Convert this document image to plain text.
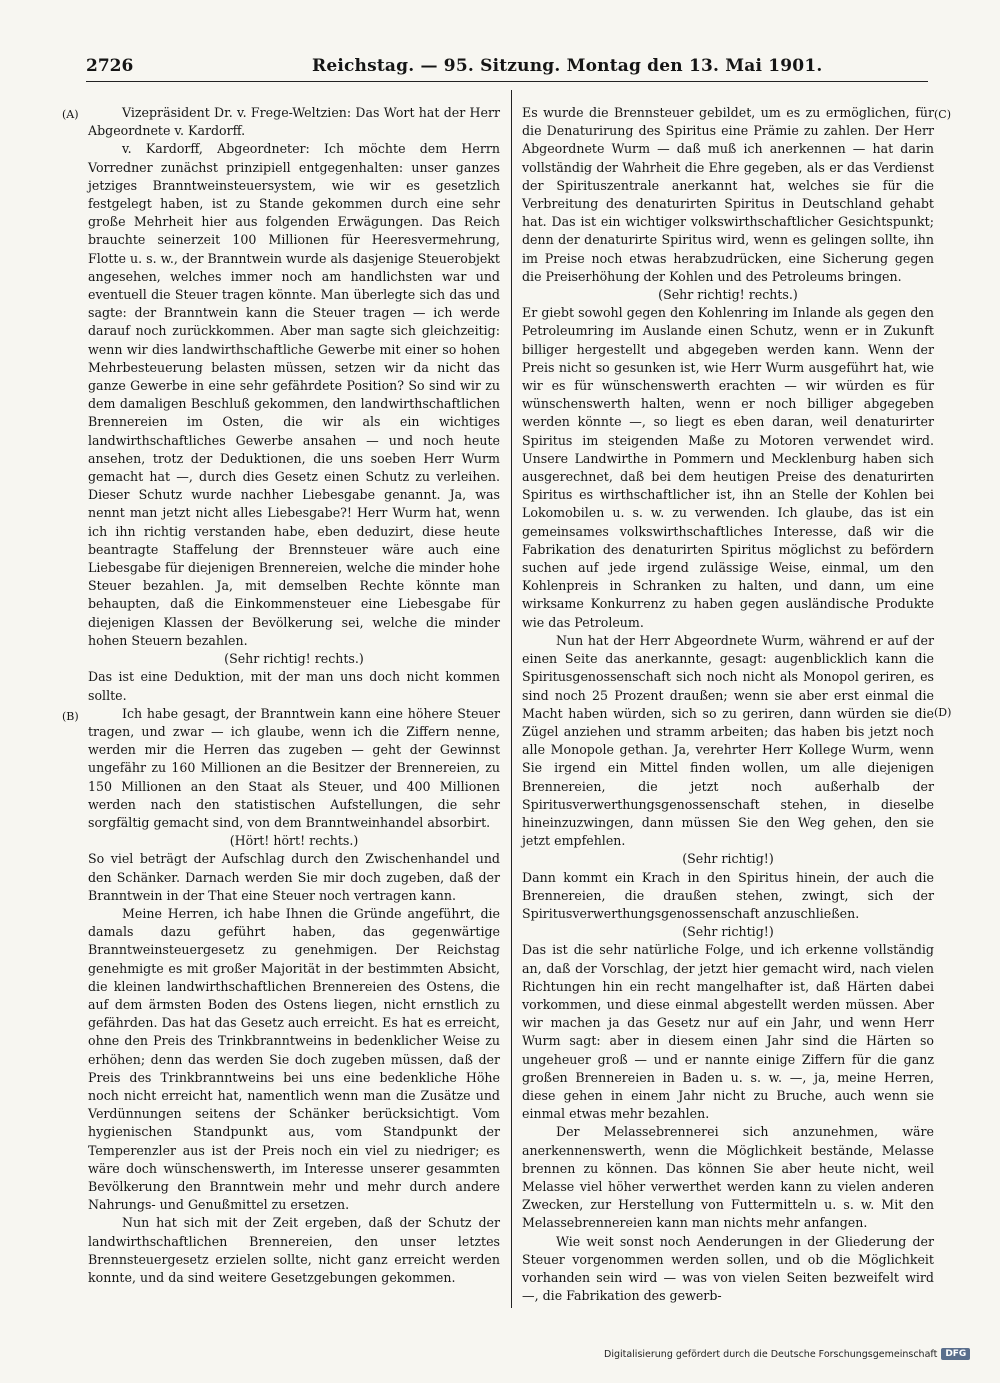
2726	Reichstag. — 95. Sitzung. Montag den 13. Mai 1901.
(A)
(B)
(C)
(D)

Vizepräsident Dr. v. Frege-Weltzien: Das Wort hat der Herr Abgeordnete v. Kardorff.

v. Kardorff, Abgeordneter: Ich möchte dem Herrn Vorredner zunächst prinzipiell entgegenhalten: unser ganzes jetziges Branntweinsteuersystem, wie wir es gesetzlich festgelegt haben, ist zu Stande gekommen durch eine sehr große Mehrheit hier aus folgenden Erwägungen. Das Reich brauchte seinerzeit 100 Millionen für Heeresvermehrung, Flotte u. s. w., der Branntwein wurde als dasjenige Steuerobjekt angesehen, welches immer noch am handlichsten war und eventuell die Steuer tragen könnte. Man überlegte sich das und sagte: der Branntwein kann die Steuer tragen — ich werde darauf noch zurückkommen. Aber man sagte sich gleichzeitig: wenn wir dies landwirthschaftliche Gewerbe mit einer so hohen Mehrbesteuerung belasten müssen, setzen wir da nicht das ganze Gewerbe in eine sehr gefährdete Position? So sind wir zu dem damaligen Beschluß gekommen, den landwirthschaftlichen Brennereien im Osten, die wir als ein wichtiges landwirthschaftliches Gewerbe ansahen — und noch heute ansehen, trotz der Deduktionen, die uns soeben Herr Wurm gemacht hat —, durch dies Gesetz einen Schutz zu verleihen. Dieser Schutz wurde nachher Liebesgabe genannt. Ja, was nennt man jetzt nicht alles Liebesgabe?! Herr Wurm hat, wenn ich ihn richtig verstanden habe, eben deduzirt, diese heute beantragte Staffelung der Brennsteuer wäre auch eine Liebesgabe für diejenigen Brennereien, welche die minder hohe Steuer bezahlen. Ja, mit demselben Rechte könnte man behaupten, daß die Einkommensteuer eine Liebesgabe für diejenigen Klassen der Bevölkerung sei, welche die minder hohen Steuern bezahlen.

(Sehr richtig! rechts.)

Das ist eine Deduktion, mit der man uns doch nicht kommen sollte.

Ich habe gesagt, der Branntwein kann eine höhere Steuer tragen, und zwar — ich glaube, wenn ich die Ziffern nenne, werden mir die Herren das zugeben — geht der Gewinnst ungefähr zu 160 Millionen an die Besitzer der Brennereien, zu 150 Millionen an den Staat als Steuer, und 400 Millionen werden nach den statistischen Aufstellungen, die sehr sorgfältig gemacht sind, von dem Branntweinhandel absorbirt.

(Hört! hört! rechts.)

So viel beträgt der Aufschlag durch den Zwischenhandel und den Schänker. Darnach werden Sie mir doch zugeben, daß der Branntwein in der That eine Steuer noch vertragen kann.

Meine Herren, ich habe Ihnen die Gründe angeführt, die damals dazu geführt haben, das gegenwärtige Branntweinsteuergesetz zu genehmigen. Der Reichstag genehmigte es mit großer Majorität in der bestimmten Absicht, die kleinen landwirthschaftlichen Brennereien des Ostens, die auf dem ärmsten Boden des Ostens liegen, nicht ernstlich zu gefährden. Das hat das Gesetz auch erreicht. Es hat es erreicht, ohne den Preis des Trinkbranntweins in bedenklicher Weise zu erhöhen; denn das werden Sie doch zugeben müssen, daß der Preis des Trinkbranntweins bei uns eine bedenkliche Höhe noch nicht erreicht hat, namentlich wenn man die Zusätze und Verdünnungen seitens der Schänker berücksichtigt. Vom hygienischen Standpunkt aus, vom Standpunkt der Temperenzler aus ist der Preis noch ein viel zu niedriger; es wäre doch wünschenswerth, im Interesse unserer gesammten Bevölkerung den Branntwein mehr und mehr durch andere Nahrungs- und Genußmittel zu ersetzen.

Nun hat sich mit der Zeit ergeben, daß der Schutz der landwirthschaftlichen Brennereien, den unser letztes Brennsteuergesetz erzielen sollte, nicht ganz erreicht werden konnte, und da sind weitere Gesetzgebungen gekommen.

Es wurde die Brennsteuer gebildet, um es zu ermöglichen, für die Denaturirung des Spiritus eine Prämie zu zahlen. Der Herr Abgeordnete Wurm — daß muß ich anerkennen — hat darin vollständig der Wahrheit die Ehre gegeben, als er das Verdienst der Spirituszentrale anerkannt hat, welches sie für die Verbreitung des denaturirten Spiritus in Deutschland gehabt hat. Das ist ein wichtiger volkswirthschaftlicher Gesichtspunkt; denn der denaturirte Spiritus wird, wenn es gelingen sollte, ihn im Preise noch etwas herabzudrücken, eine Sicherung gegen die Preiserhöhung der Kohlen und des Petroleums bringen.

(Sehr richtig! rechts.)

Er giebt sowohl gegen den Kohlenring im Inlande als gegen den Petroleumring im Auslande einen Schutz, wenn er in Zukunft billiger hergestellt und abgegeben werden kann. Wenn der Preis nicht so gesunken ist, wie Herr Wurm ausgeführt hat, wie wir es für wünschenswerth erachten — wir würden es für wünschenswerth halten, wenn er noch billiger abgegeben werden könnte —, so liegt es eben daran, weil denaturirter Spiritus im steigenden Maße zu Motoren verwendet wird. Unsere Landwirthe in Pommern und Mecklenburg haben sich ausgerechnet, daß bei dem heutigen Preise des denaturirten Spiritus es wirthschaftlicher ist, ihn an Stelle der Kohlen bei Lokomobilen u. s. w. zu verwenden. Ich glaube, das ist ein gemeinsames volkswirthschaftliches Interesse, daß wir die Fabrikation des denaturirten Spiritus möglichst zu befördern suchen auf jede irgend zulässige Weise, einmal, um den Kohlenpreis in Schranken zu halten, und dann, um eine wirksame Konkurrenz zu haben gegen ausländische Produkte wie das Petroleum.

Nun hat der Herr Abgeordnete Wurm, während er auf der einen Seite das anerkannte, gesagt: augenblicklich kann die Spiritusgenossenschaft sich noch nicht als Monopol geriren, es sind noch 25 Prozent draußen; wenn sie aber erst einmal die Macht haben würden, sich so zu geriren, dann würden sie die Zügel anziehen und stramm arbeiten; das haben bis jetzt noch alle Monopole gethan. Ja, verehrter Herr Kollege Wurm, wenn Sie irgend ein Mittel finden wollen, um alle diejenigen Brennereien, die jetzt noch außerhalb der Spiritusverwerthungsgenossenschaft stehen, in dieselbe hineinzuzwingen, dann müssen Sie den Weg gehen, den sie jetzt empfehlen.

(Sehr richtig!)

Dann kommt ein Krach in den Spiritus hinein, der auch die Brennereien, die draußen stehen, zwingt, sich der Spiritusverwerthungsgenossenschaft anzuschließen.

(Sehr richtig!)

Das ist die sehr natürliche Folge, und ich erkenne vollständig an, daß der Vorschlag, der jetzt hier gemacht wird, nach vielen Richtungen hin ein recht mangelhafter ist, daß Härten dabei vorkommen, und diese einmal abgestellt werden müssen. Aber wir machen ja das Gesetz nur auf ein Jahr, und wenn Herr Wurm sagt: aber in diesem einen Jahr sind die Härten so ungeheuer groß — und er nannte einige Ziffern für die ganz großen Brennereien in Baden u. s. w. —, ja, meine Herren, diese gehen in einem Jahr nicht zu Bruche, auch wenn sie einmal etwas mehr bezahlen.

Der Melassebrennerei sich anzunehmen, wäre anerkennenswerth, wenn die Möglichkeit bestände, Melasse brennen zu können. Das können Sie aber heute nicht, weil Melasse viel höher verwerthet werden kann zu vielen anderen Zwecken, zur Herstellung von Futtermitteln u. s. w. Mit den Melassebrennereien kann man nichts mehr anfangen.

Wie weit sonst noch Aenderungen in der Gliederung der Steuer vorgenommen werden sollen, und ob die Möglichkeit vorhanden sein wird — was von vielen Seiten bezweifelt wird —, die Fabrikation des gewerb-

Digitalisierung gefördert durch die Deutsche Forschungsgemeinschaft DFG
